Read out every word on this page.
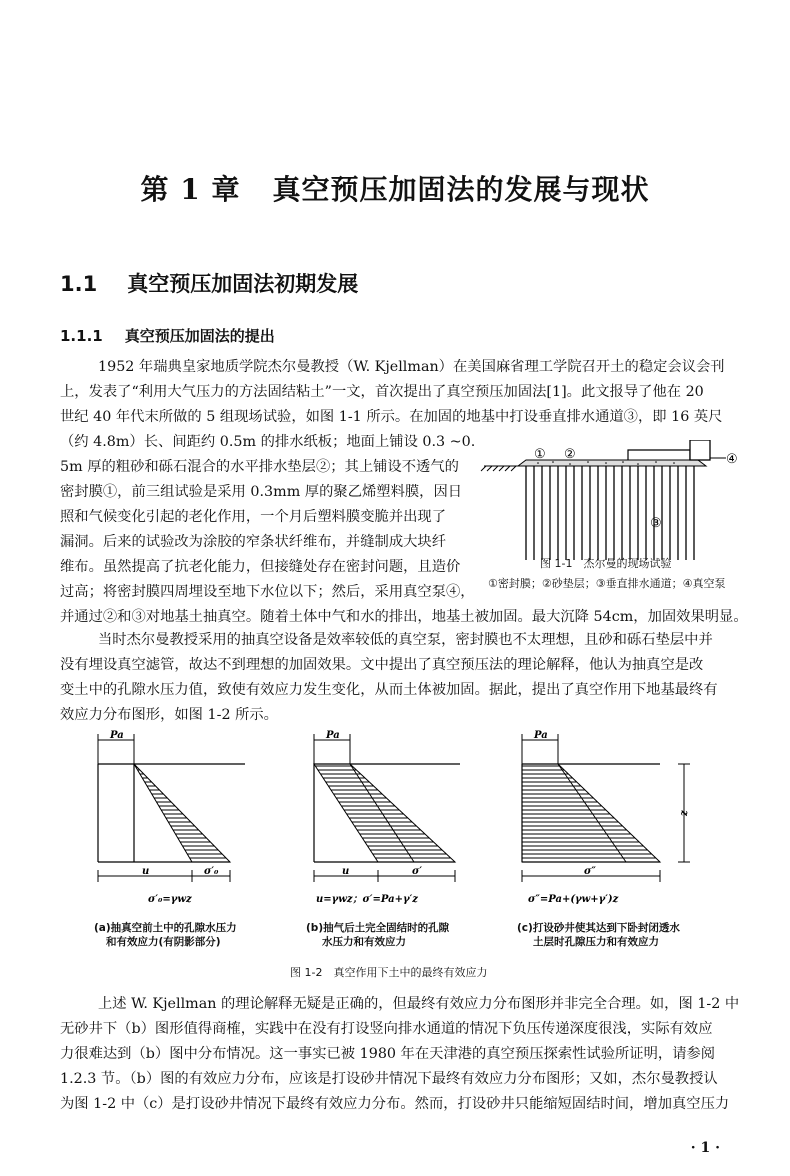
第 1 章 真空预压加固法的发展与现状
1.1 真空预压加固法初期发展
1.1.1 真空预压加固法的提出
1952 年瑞典皇家地质学院杰尔曼教授（W. Kjellman）在美国麻省理工学院召开土的稳定会议会刊
上，发表了“利用大气压力的方法固结粘土”一文，首次提出了真空预压加固法[1]。此文报导了他在 20
世纪 40 年代末所做的 5 组现场试验，如图 1-1 所示。在加固的地基中打设垂直排水通道③，即 16 英尺
（约 4.8m）长、间距约 0.5m 的排水纸板；地面上铺设 0.3 ~0.
5m 厚的粗砂和砾石混合的水平排水垫层②；其上铺设不透气的
密封膜①，前三组试验是采用 0.3mm 厚的聚乙烯塑料膜，因日
照和气候变化引起的老化作用，一个月后塑料膜变脆并出现了
漏洞。后来的试验改为涂胶的窄条状纤维布，并缝制成大块纤
维布。虽然提高了抗老化能力，但接缝处存在密封问题，且造价
过高；将密封膜四周埋设至地下水位以下；然后，采用真空泵④，
并通过②和③对地基土抽真空。随着土体中气和水的排出，地基土被加固。最大沉降 54cm，加固效果明显。
① ②
③
④
图 1-1　杰尔曼的现场试验
①密封膜；②砂垫层；③垂直排水通道；④真空泵
当时杰尔曼教授采用的抽真空设备是效率较低的真空泵，密封膜也不太理想，且砂和砾石垫层中并
没有埋设真空滤管，故达不到理想的加固效果。文中提出了真空预压法的理论解释，他认为抽真空是改
变土中的孔隙水压力值，致使有效应力发生变化，从而土体被加固。据此，提出了真空作用下地基最终有
效应力分布图形，如图 1-2 所示。
Pa
u	σ′₀
σ′₀=γwz
Pa
u	σ′
u=γwz；σ′=Pa+γ′z
Pa
σ″
σ″=Pa+(γw+γ′)z
z
(a)抽真空前土中的孔隙水压力
和有效应力(有阴影部分)
(b)抽气后土完全固结时的孔隙
水压力和有效应力
(c)打设砂井使其达到下卧封闭透水
土层时孔隙压力和有效应力
图 1-2　真空作用下土中的最终有效应力
上述 W. Kjellman 的理论解释无疑是正确的，但最终有效应力分布图形并非完全合理。如，图 1-2 中
无砂井下（b）图形值得商榷，实践中在没有打设竖向排水通道的情况下负压传递深度很浅，实际有效应
力很难达到（b）图中分布情况。这一事实已被 1980 年在天津港的真空预压探索性试验所证明，请参阅
1.2.3 节。（b）图的有效应力分布，应该是打设砂井情况下最终有效应力分布图形；又如，杰尔曼教授认
为图 1-2 中（c）是打设砂井情况下最终有效应力分布。然而，打设砂井只能缩短固结时间，增加真空压力
· 1 ·
